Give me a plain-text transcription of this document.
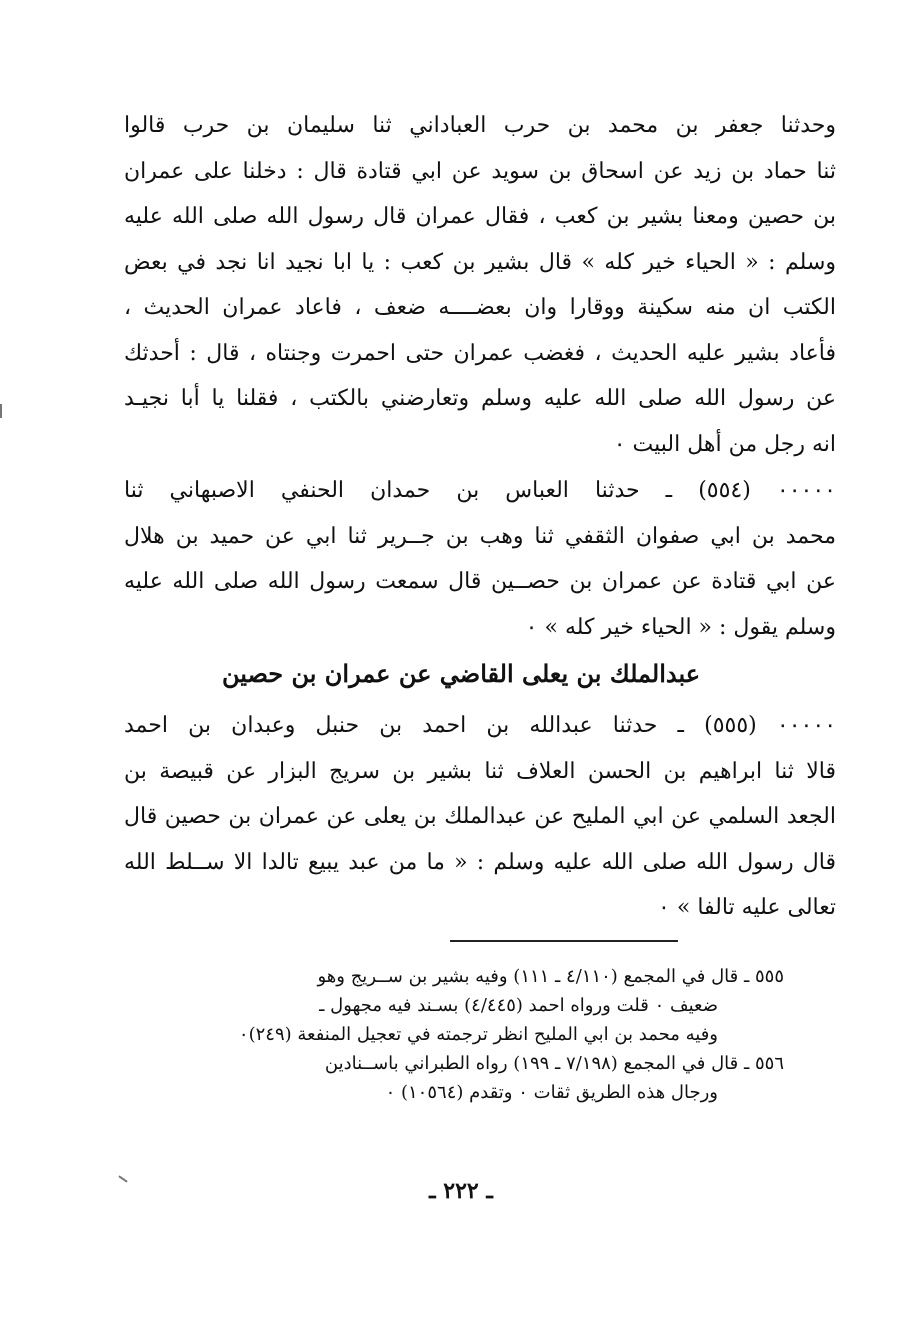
وحدثنا جعفر بن محمد بن حرب العباداني ثنا سليمان بن حرب قالوا
ثنا حماد بن زيد عن اسحاق بن سويد عن ابي قتادة قال : دخلنا على عمران
بن حصين ومعنا بشير بن كعب ، فقال عمران قال رسول الله صلى الله عليه
وسلم : « الحياء خير كله » قال بشير بن كعب : يا ابا نجيد انا نجد في بعض
الكتب ان منه سكينة ووقارا وان بعضــــه ضعف ، فاعاد عمران الحديث ،
فأعاد بشير عليه الحديث ، فغضب عمران حتى احمرت وجنتاه ، قال : أحدثك
عن رسول الله صلى الله عليه وسلم وتعارضني بالكتب ، فقلنا يا أبا نجيـد
انه رجل من أهل البيت ٠
٠٠٠٠٠ (٥٥٤) ـ حدثنا العباس بن حمدان الحنفي الاصبهاني ثنا
محمد بن ابي صفوان الثقفي ثنا وهب بن جــرير ثنا ابي عن حميد بن هلال
عن ابي قتادة عن عمران بن حصــين قال سمعت رسول الله صلى الله عليه
وسلم يقول : « الحياء خير كله » ٠
عبدالملك بن يعلى القاضي عن عمران بن حصين
٠٠٠٠٠ (٥٥٥) ـ حدثنا عبدالله بن احمد بن حنبل وعبدان بن احمد
قالا ثنا ابراهيم بن الحسن العلاف ثنا بشير بن سريج البزار عن قبيصة بن
الجعد السلمي عن ابي المليح عن عبدالملك بن يعلى عن عمران بن حصين قال
قال رسول الله صلى الله عليه وسلم : « ما من عبد يبيع تالدا الا ســلط الله
تعالى عليه تالفا » ٠
٥٥٥ ـ قال في المجمع (٤/١١٠ ـ ١١١) وفيه بشير بن ســريج وهو
ضعيف ٠ قلت ورواه احمد (٤/٤٤٥) بسـند فيه مجهول ـ
وفيه محمد بن ابي المليح انظر ترجمته في تعجيل المنفعة (٢٤٩)٠
٥٥٦ ـ قال في المجمع (٧/١٩٨ ـ ١٩٩) رواه الطبراني باســنادين
ورجال هذه الطريق ثقات ٠ وتقدم (١٠٥٦٤) ٠
ـ ٢٢٢ ـ
